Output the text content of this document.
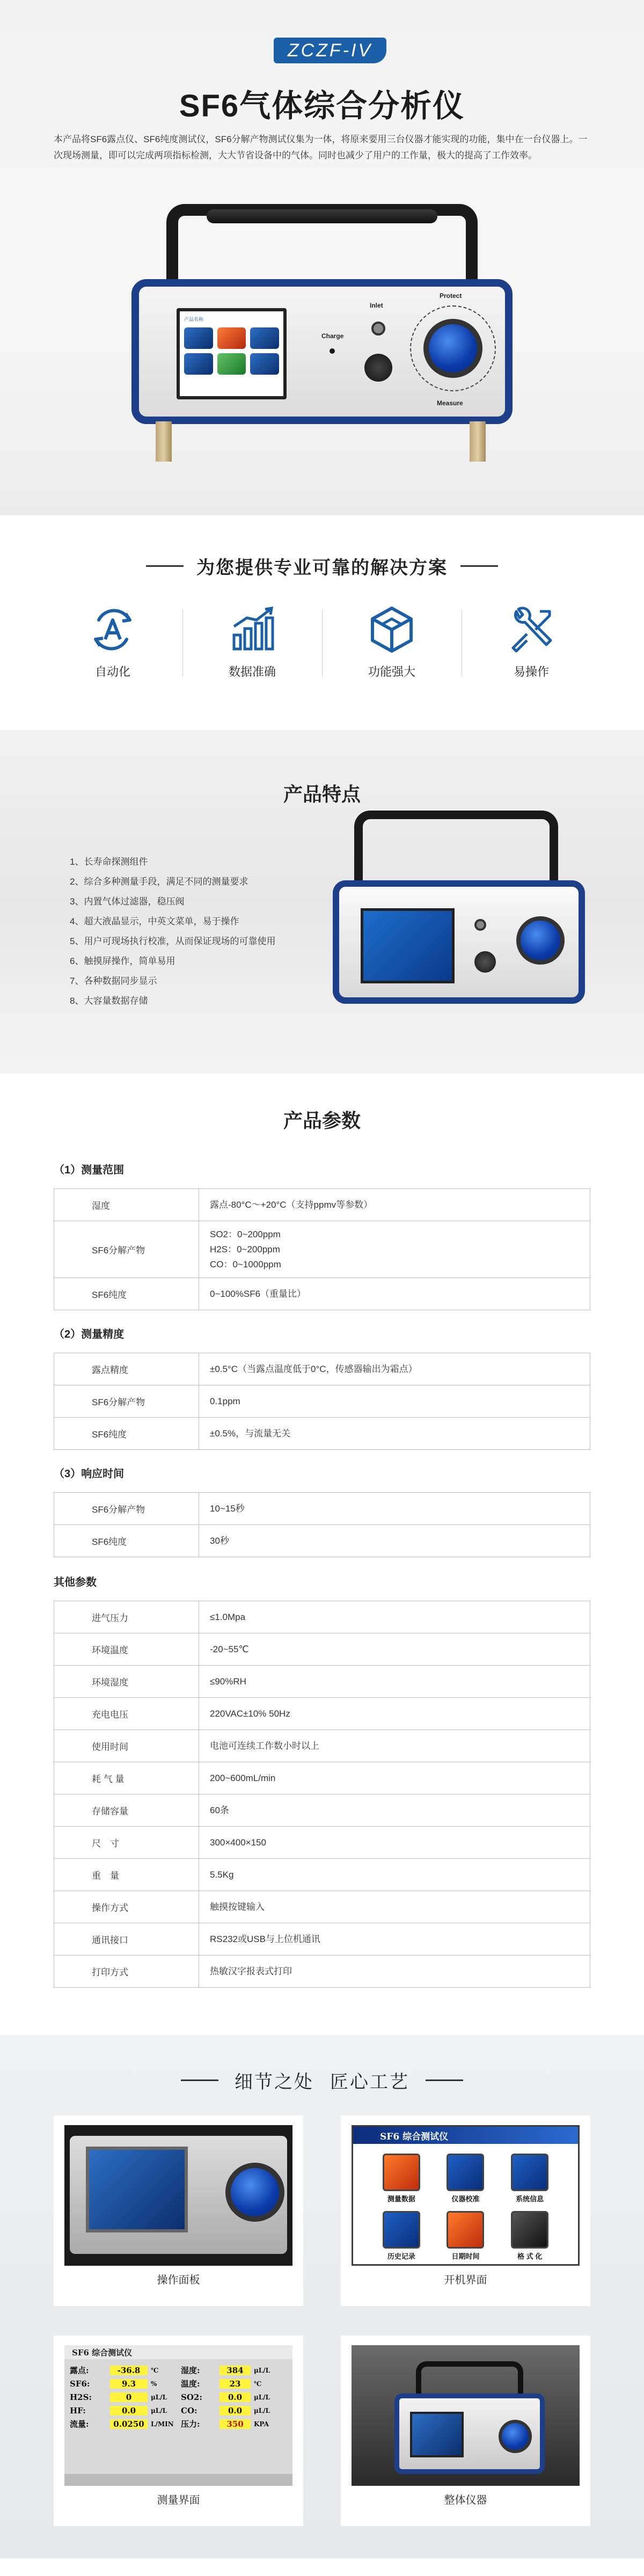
ZCZF-IV
SF6气体综合分析仪

本产品将SF6露点仪、SF6纯度测试仪，SF6分解产物测试仪集为一体，将原来要用三台仪器才能实现的功能，集中在一台仪器上。一次现场测量，即可以完成两项指标检测，大大节省设备中的气体。同时也减少了用户的工作量，极大的提高了工作效率。

产品名称
Charge
Inlet
Protect
Measure
为您提供专业可靠的解决方案
自动化	数据准确	功能强大	易操作
产品特点
1、长寿命探测组件
2、综合多种测量手段，满足不同的测量要求
3、内置气体过滤器，稳压阀
4、超大液晶显示，中英文菜单，易于操作
5、用户可现场执行校准，从而保证现场的可靠使用
6、触摸屏操作，简单易用
7、各种数据同步显示
8、大容量数据存储
产品参数
（1）测量范围
湿度	露点-80°C〜+20°C（支持ppmv等参数）
SF6分解产物	SO2：0~200ppm
H2S：0~200ppm
CO：0~1000ppm

SF6纯度	0~100%SF6（重量比）
（2）测量精度
露点精度	±0.5°C（当露点温度低于0°C，传感器输出为霜点）
SF6分解产物	0.1ppm
SF6纯度	±0.5%，与流量无关
（3）响应时间
SF6分解产物	10~15秒
SF6纯度	30秒
其他参数
进气压力	≤1.0Mpa
环境温度	-20~55℃
环境湿度	≤90%RH
充电电压	220VAC±10% 50Hz
使用时间	电池可连续工作数小时以上
耗 气 量	200~600mL/min
存储容量	60条
尺　寸	300×400×150
重　量	5.5Kg
操作方式	触摸按键输入
通讯接口	RS232或USB与上位机通讯
打印方式	热敏汉字报表式打印
细节之处 匠心工艺
操作面板
SF6 综合测试仪
测量数据	仪器校准	系统信息
历史记录	日期时间	格 式 化
开机界面
SF6 综合测试仪
露点:	-36.8	℃	湿度:	384	μL/L
SF6:	9.3	%	温度:	23	℃
H2S:	0	μL/L	SO2:	0.0	μL/L
HF:	0.0	μL/L	CO:	0.0	μL/L
流量:	0.0250	L/MIN 压力:	350	KPA
测量界面	整体仪器
